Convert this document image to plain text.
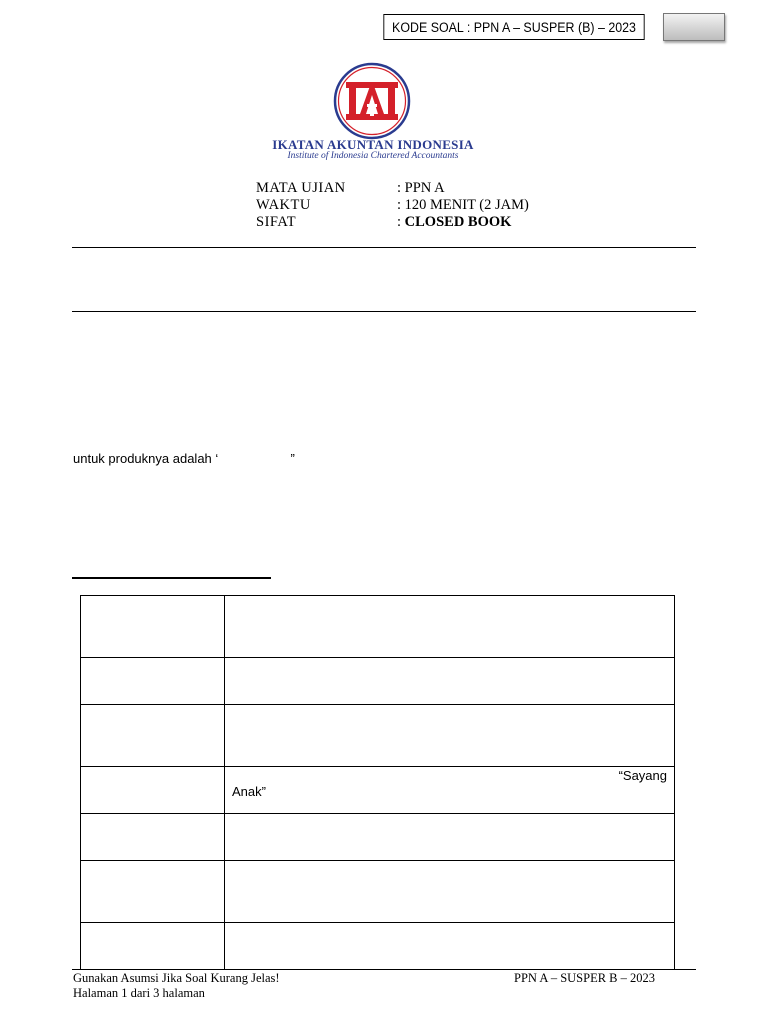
KODE SOAL : PPN A – SUSPER (B) – 2023
IKATAN AKUNTAN INDONESIA
Institute of Indonesia Chartered Accountants
MATA UJIAN	: PPN A
WAKTU	: 120 MENIT (2 JAM)
SIFAT	: CLOSED BOOK
untuk produknya adalah ‘                    ”

	“Sayang
Anak”

Gunakan Asumsi Jika Soal Kurang Jelas!
Halaman 1 dari 3 halaman
PPN A – SUSPER B – 2023
